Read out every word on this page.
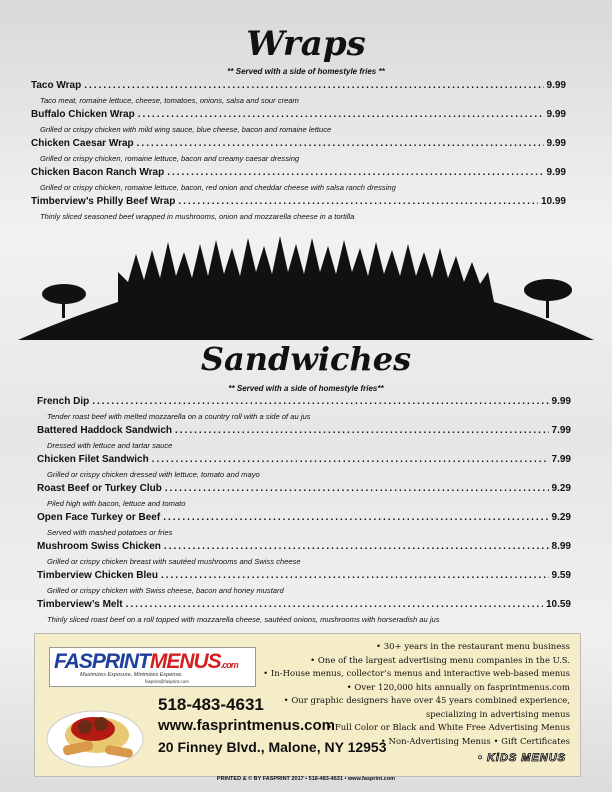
Wraps
** Served with a side of homestyle fries **
Taco Wrap .....	9.99
Taco meat, romaine lettuce, cheese, tomatoes, onions, salsa and sour cream
Buffalo Chicken Wrap .....	9.99
Grilled or crispy chicken with mild wing sauce, blue cheese, bacon and romaine lettuce
Chicken Caesar Wrap .....	9.99
Grilled or crispy chicken, romaine lettuce, bacon and creamy caesar dressing
Chicken Bacon Ranch Wrap .....	9.99
Grilled or crispy chicken, romaine lettuce, bacon, red onion and cheddar cheese with salsa ranch dressing
Timberview’s Philly Beef Wrap .....	10.99
Thinly sliced seasoned beef wrapped in mushrooms, onion and mozzarella cheese in a tortilla
Sandwiches
** Served with a side of homestyle fries**
French Dip .....	9.99
Tender roast beef with melted mozzarella on a country roll with a side of au jus
Battered Haddock Sandwich .....	7.99
Dressed with lettuce and tartar sauce
Chicken Filet Sandwich .....	7.99
Grilled or crispy chicken dressed with lettuce, tomato and mayo
Roast Beef or Turkey Club .....	9.29
Piled high with bacon, lettuce and tomato
Open Face Turkey or Beef .....	9.29
Served with mashed potatoes or fries
Mushroom Swiss Chicken .....	8.99
Grilled or crispy chicken breast with sautéed mushrooms and Swiss cheese
Timberview Chicken Bleu .....	9.59
Grilled or crispy chicken with Swiss cheese, bacon and honey mustard
Timberview’s Melt .....	10.59
Thinly sliced roast beef on a roll topped with mozzarella cheese, sautéed onions, mushrooms with horseradish au jus
FASPRINTMENUS.com
Maximizes Exposure, Minimizes Expense.
fasprint@fasprint.com
518-483-4631
www.fasprintmenus.com
20 Finney Blvd., Malone, NY 12953
• 30+ years in the restaurant menu business
• One of the largest advertising menu companies in the U.S.
• In-House menus, collector’s menus and interactive web-based menus
• Over 120,000 hits annually on fasprintmenus.com
• Our graphic designers have over 45 years combined experience,
specializing in advertising menus
• Full Color or Black and White Free Advertising Menus
• Non-Advertising Menus • Gift Certificates
• KiDS MENUS
PRINTED & © BY FASPRINT 2017 • 518-483-4631 • www.fasprint.com
